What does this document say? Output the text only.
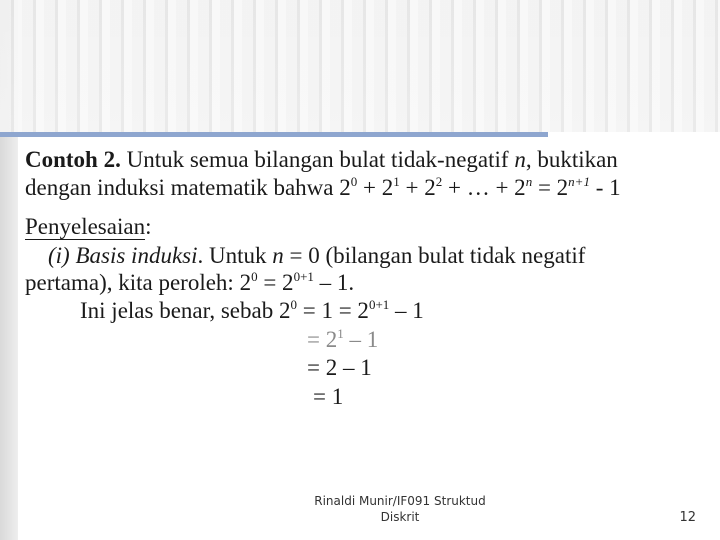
Contoh 2. Untuk semua bilangan bulat tidak-negatif n, buktikan
dengan induksi matematik bahwa $2^0 + 2^1 + 2^2$ + … + $2^n = 2^{n+1} - 1$
Penyelesaian:
(i) Basis induksi. Untuk n = 0 (bilangan bulat tidak negatif
pertama), kita peroleh: $2^0 = 2^{0+1} - 1$.
Ini jelas benar, sebab $2^0 = 1 = 2^{0+1} - 1$
= $2^1 - 1$
= 2 – 1
= 1
Rinaldi Munir/IF091 Struktud
Diskrit	12
